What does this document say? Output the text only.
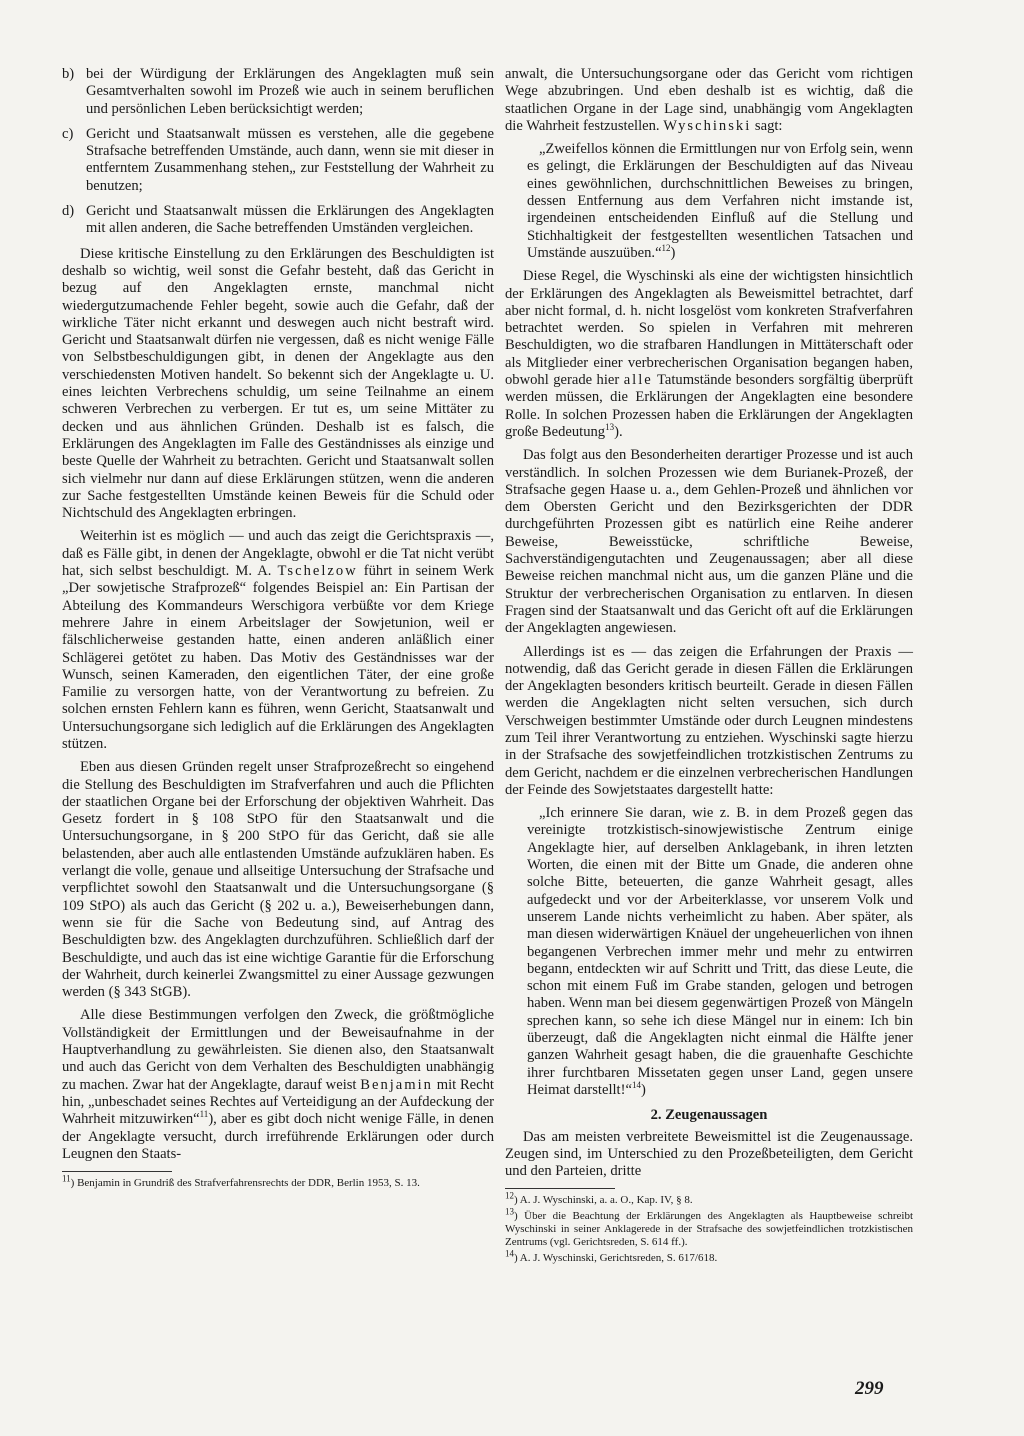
b) bei der Würdigung der Erklärungen des Angeklagten muß sein Gesamtverhalten sowohl im Prozeß wie auch in seinem beruflichen und persönlichen Leben berücksichtigt werden;
c) Gericht und Staatsanwalt müssen es verstehen, alle die gegebene Strafsache betreffenden Umstände, auch dann, wenn sie mit dieser in entferntem Zusammenhang stehen„ zur Feststellung der Wahrheit zu benutzen;
d) Gericht und Staatsanwalt müssen die Erklärungen des Angeklagten mit allen anderen, die Sache betreffenden Umständen vergleichen.

Diese kritische Einstellung zu den Erklärungen des Beschuldigten ist deshalb so wichtig, weil sonst die Gefahr besteht, daß das Gericht in bezug auf den Angeklagten ernste, manchmal nicht wiedergutzumachende Fehler begeht, sowie auch die Gefahr, daß der wirkliche Täter nicht erkannt und deswegen auch nicht bestraft wird. Gericht und Staatsanwalt dürfen nie vergessen, daß es nicht wenige Fälle von Selbstbeschuldigungen gibt, in denen der Angeklagte aus den verschiedensten Motiven handelt. So bekennt sich der Angeklagte u. U. eines leichten Verbrechens schuldig, um seine Teilnahme an einem schweren Verbrechen zu verbergen. Er tut es, um seine Mittäter zu decken und aus ähnlichen Gründen. Deshalb ist es falsch, die Erklärungen des Angeklagten im Falle des Geständnisses als einzige und beste Quelle der Wahrheit zu betrachten. Gericht und Staatsanwalt sollen sich vielmehr nur dann auf diese Erklärungen stützen, wenn die anderen zur Sache festgestellten Umstände keinen Beweis für die Schuld oder Nichtschuld des Angeklagten erbringen.

Weiterhin ist es möglich — und auch das zeigt die Gerichtspraxis —, daß es Fälle gibt, in denen der Angeklagte, obwohl er die Tat nicht verübt hat, sich selbst beschuldigt. M. A. Tschelzow führt in seinem Werk „Der sowjetische Strafprozeß“ folgendes Beispiel an: Ein Partisan der Abteilung des Kommandeurs Werschigora verbüßte vor dem Kriege mehrere Jahre in einem Arbeitslager der Sowjetunion, weil er fälschlicherweise gestanden hatte, einen anderen anläßlich einer Schlägerei getötet zu haben. Das Motiv des Geständnisses war der Wunsch, seinen Kameraden, den eigentlichen Täter, der eine große Familie zu versorgen hatte, von der Verantwortung zu befreien. Zu solchen ernsten Fehlern kann es führen, wenn Gericht, Staatsanwalt und Untersuchungsorgane sich lediglich auf die Erklärungen des Angeklagten stützen.

Eben aus diesen Gründen regelt unser Strafprozeßrecht so eingehend die Stellung des Beschuldigten im Strafverfahren und auch die Pflichten der staatlichen Organe bei der Erforschung der objektiven Wahrheit. Das Gesetz fordert in § 108 StPO für den Staatsanwalt und die Untersuchungsorgane, in § 200 StPO für das Gericht, daß sie alle belastenden, aber auch alle entlastenden Umstände aufzuklären haben. Es verlangt die volle, genaue und allseitige Untersuchung der Strafsache und verpflichtet sowohl den Staatsanwalt und die Untersuchungsorgane (§ 109 StPO) als auch das Gericht (§ 202 u. a.), Beweiserhebungen dann, wenn sie für die Sache von Bedeutung sind, auf Antrag des Beschuldigten bzw. des Angeklagten durchzuführen. Schließlich darf der Beschuldigte, und auch das ist eine wichtige Garantie für die Erforschung der Wahrheit, durch keinerlei Zwangsmittel zu einer Aussage gezwungen werden (§ 343 StGB).

Alle diese Bestimmungen verfolgen den Zweck, die größtmögliche Vollständigkeit der Ermittlungen und der Beweisaufnahme in der Hauptverhandlung zu gewährleisten. Sie dienen also, den Staatsanwalt und auch das Gericht von dem Verhalten des Beschuldigten unabhängig zu machen. Zwar hat der Angeklagte, darauf weist Benjamin mit Recht hin, „unbeschadet seines Rechtes auf Verteidigung an der Aufdeckung der Wahrheit mitzuwirken“$^{11}$), aber es gibt doch nicht wenige Fälle, in denen der Angeklagte versucht, durch irreführende Erklärungen oder durch Leugnen den Staats-

$^{11}$) Benjamin in Grundriß des Strafverfahrensrechts der DDR, Berlin 1953, S. 13.

anwalt, die Untersuchungsorgane oder das Gericht vom richtigen Wege abzubringen. Und eben deshalb ist es wichtig, daß die staatlichen Organe in der Lage sind, unabhängig vom Angeklagten die Wahrheit festzustellen. Wyschinski sagt:

„Zweifellos können die Ermittlungen nur von Erfolg sein, wenn es gelingt, die Erklärungen der Beschuldigten auf das Niveau eines gewöhnlichen, durchschnittlichen Beweises zu bringen, dessen Entfernung aus dem Verfahren nicht imstande ist, irgendeinen entscheidenden Einfluß auf die Stellung und Stichhaltigkeit der festgestellten wesentlichen Tatsachen und Umstände auszuüben.“$^{12}$)

Diese Regel, die Wyschinski als eine der wichtigsten hinsichtlich der Erklärungen des Angeklagten als Beweismittel betrachtet, darf aber nicht formal, d. h. nicht losgelöst vom konkreten Strafverfahren betrachtet werden. So spielen in Verfahren mit mehreren Beschuldigten, wo die strafbaren Handlungen in Mittäterschaft oder als Mitglieder einer verbrecherischen Organisation begangen haben, obwohl gerade hier alle Tatumstände besonders sorgfältig überprüft werden müssen, die Erklärungen der Angeklagten eine besondere Rolle. In solchen Prozessen haben die Erklärungen der Angeklagten große Bedeutung$^{13}$).

Das folgt aus den Besonderheiten derartiger Prozesse und ist auch verständlich. In solchen Prozessen wie dem Burianek-Prozeß, der Strafsache gegen Haase u. a., dem Gehlen-Prozeß und ähnlichen vor dem Obersten Gericht und den Bezirksgerichten der DDR durchgeführten Prozessen gibt es natürlich eine Reihe anderer Beweise, Beweisstücke, schriftliche Beweise, Sachverständigengutachten und Zeugenaussagen; aber all diese Beweise reichen manchmal nicht aus, um die ganzen Pläne und die Struktur der verbrecherischen Organisation zu entlarven. In diesen Fragen sind der Staatsanwalt und das Gericht oft auf die Erklärungen der Angeklagten angewiesen.

Allerdings ist es — das zeigen die Erfahrungen der Praxis — notwendig, daß das Gericht gerade in diesen Fällen die Erklärungen der Angeklagten besonders kritisch beurteilt. Gerade in diesen Fällen werden die Angeklagten nicht selten versuchen, sich durch Verschweigen bestimmter Umstände oder durch Leugnen mindestens zum Teil ihrer Verantwortung zu entziehen. Wyschinski sagte hierzu in der Strafsache des sowjetfeindlichen trotzkistischen Zentrums zu dem Gericht, nachdem er die einzelnen verbrecherischen Handlungen der Feinde des Sowjetstaates dargestellt hatte:

„Ich erinnere Sie daran, wie z. B. in dem Prozeß gegen das vereinigte trotzkistisch-sinowjewistische Zentrum einige Angeklagte hier, auf derselben Anklagebank, in ihren letzten Worten, die einen mit der Bitte um Gnade, die anderen ohne solche Bitte, beteuerten, die ganze Wahrheit gesagt, alles aufgedeckt und vor der Arbeiterklasse, vor unserem Volk und unserem Lande nichts verheimlicht zu haben. Aber später, als man diesen widerwärtigen Knäuel der ungeheuerlichen von ihnen begangenen Verbrechen immer mehr und mehr zu entwirren begann, entdeckten wir auf Schritt und Tritt, das diese Leute, die schon mit einem Fuß im Grabe standen, gelogen und betrogen haben. Wenn man bei diesem gegenwärtigen Prozeß von Mängeln sprechen kann, so sehe ich diese Mängel nur in einem: Ich bin überzeugt, daß die Angeklagten nicht einmal die Hälfte jener ganzen Wahrheit gesagt haben, die die grauenhafte Geschichte ihrer furchtbaren Missetaten gegen unser Land, gegen unsere Heimat darstellt!“$^{14}$)

2. Zeugenaussagen

Das am meisten verbreitete Beweismittel ist die Zeugenaussage. Zeugen sind, im Unterschied zu den Prozeßbeteiligten, dem Gericht und den Parteien, dritte

$^{12}$) A. J. Wyschinski, a. a. O., Kap. IV, § 8.

$^{13}$) Über die Beachtung der Erklärungen des Angeklagten als Hauptbeweise schreibt Wyschinski in seiner Anklagerede in der Strafsache des sowjetfeindlichen trotzkistischen Zentrums (vgl. Gerichtsreden, S. 614 ff.).

$^{14}$) A. J. Wyschinski, Gerichtsreden, S. 617/618.

299
